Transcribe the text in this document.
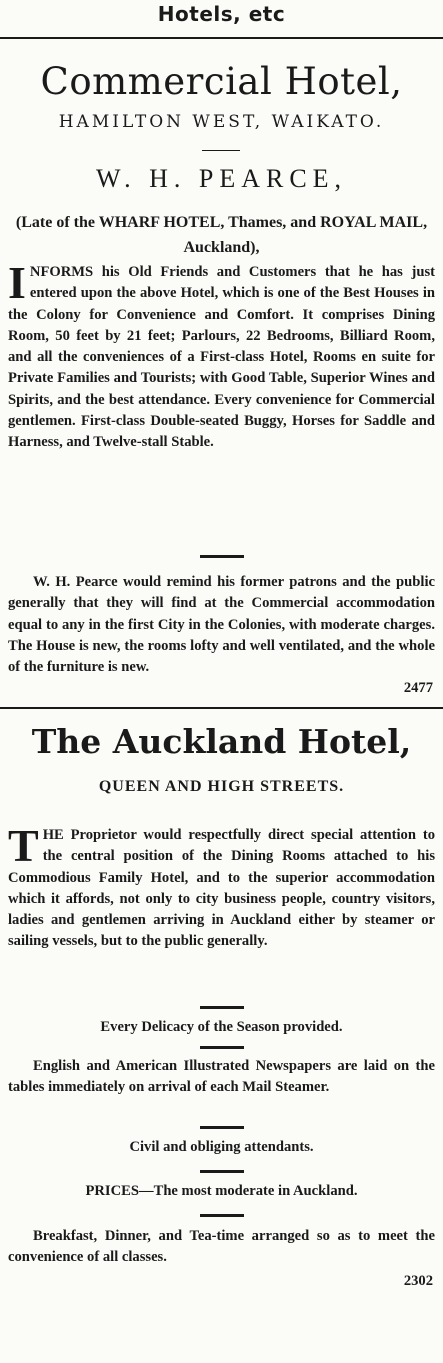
Hotels, etc
Commercial Hotel,
HAMILTON WEST, WAIKATO.
W. H. PEARCE,
(Late of the WHARF HOTEL, Thames, and ROYAL MAIL, Auckland),
INFORMS his Old Friends and Customers that he has just entered upon the above Hotel, which is one of the Best Houses in the Colony for Convenience and Comfort. It comprises Dining Room, 50 feet by 21 feet; Parlours, 22 Bedrooms, Billiard Room, and all the conveniences of a First-class Hotel, Rooms en suite for Private Families and Tourists; with Good Table, Superior Wines and Spirits, and the best attendance. Every convenience for Commercial gentlemen. First-class Double-seated Buggy, Horses for Saddle and Harness, and Twelve-stall Stable.
W. H. Pearce would remind his former patrons and the public generally that they will find at the Commercial accommodation equal to any in the first City in the Colonies, with moderate charges. The House is new, the rooms lofty and well ventilated, and the whole of the furniture is new.
2477
The Auckland Hotel,
QUEEN AND HIGH STREETS.
THE Proprietor would respectfully direct special attention to the central position of the Dining Rooms attached to his Commodious Family Hotel, and to the superior accommodation which it affords, not only to city business people, country visitors, ladies and gentlemen arriving in Auckland either by steamer or sailing vessels, but to the public generally.
Every Delicacy of the Season provided.
English and American Illustrated Newspapers are laid on the tables immediately on arrival of each Mail Steamer.
Civil and obliging attendants.
PRICES—The most moderate in Auckland.
Breakfast, Dinner, and Tea-time arranged so as to meet the convenience of all classes.
2302
